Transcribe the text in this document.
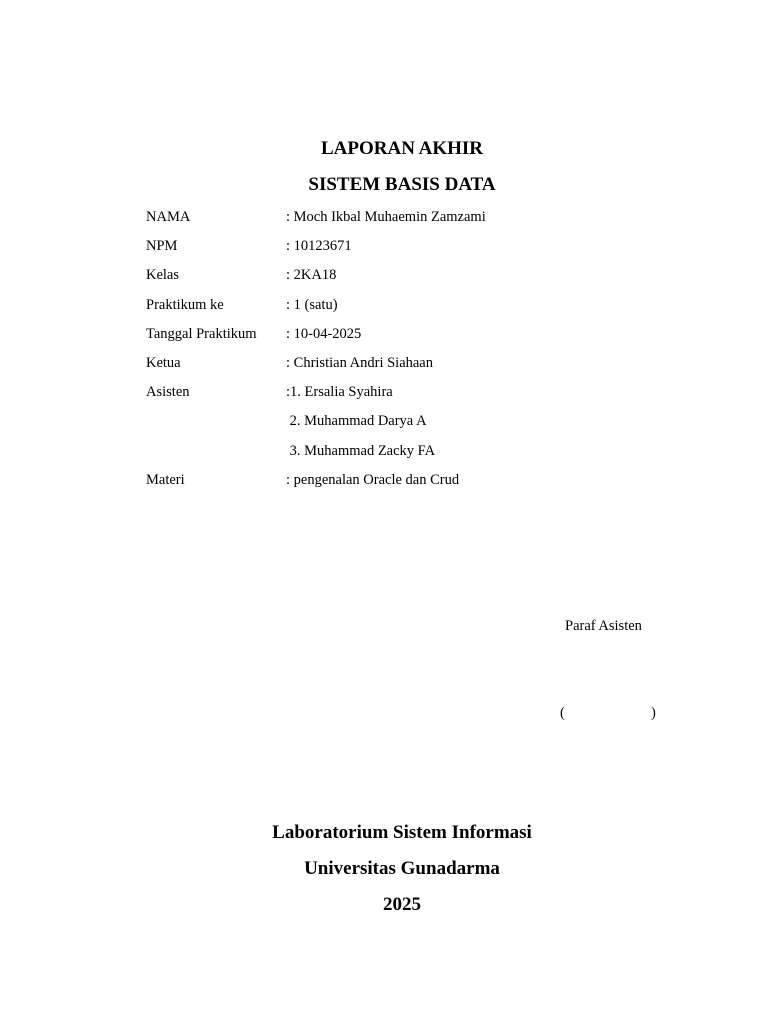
LAPORAN AKHIR
SISTEM BASIS DATA
NAMA	: Moch Ikbal Muhaemin Zamzami
NPM	: 10123671
Kelas	: 2KA18
Praktikum ke	: 1 (satu)
Tanggal Praktikum : 10-04-2025
Ketua	: Christian Andri Siahaan
Asisten	:1. Ersalia Syahira
2. Muhammad Darya A
3. Muhammad Zacky FA
Materi	: pengenalan Oracle dan Crud
Paraf Asisten
(	)
Laboratorium Sistem Informasi
Universitas Gunadarma
2025
